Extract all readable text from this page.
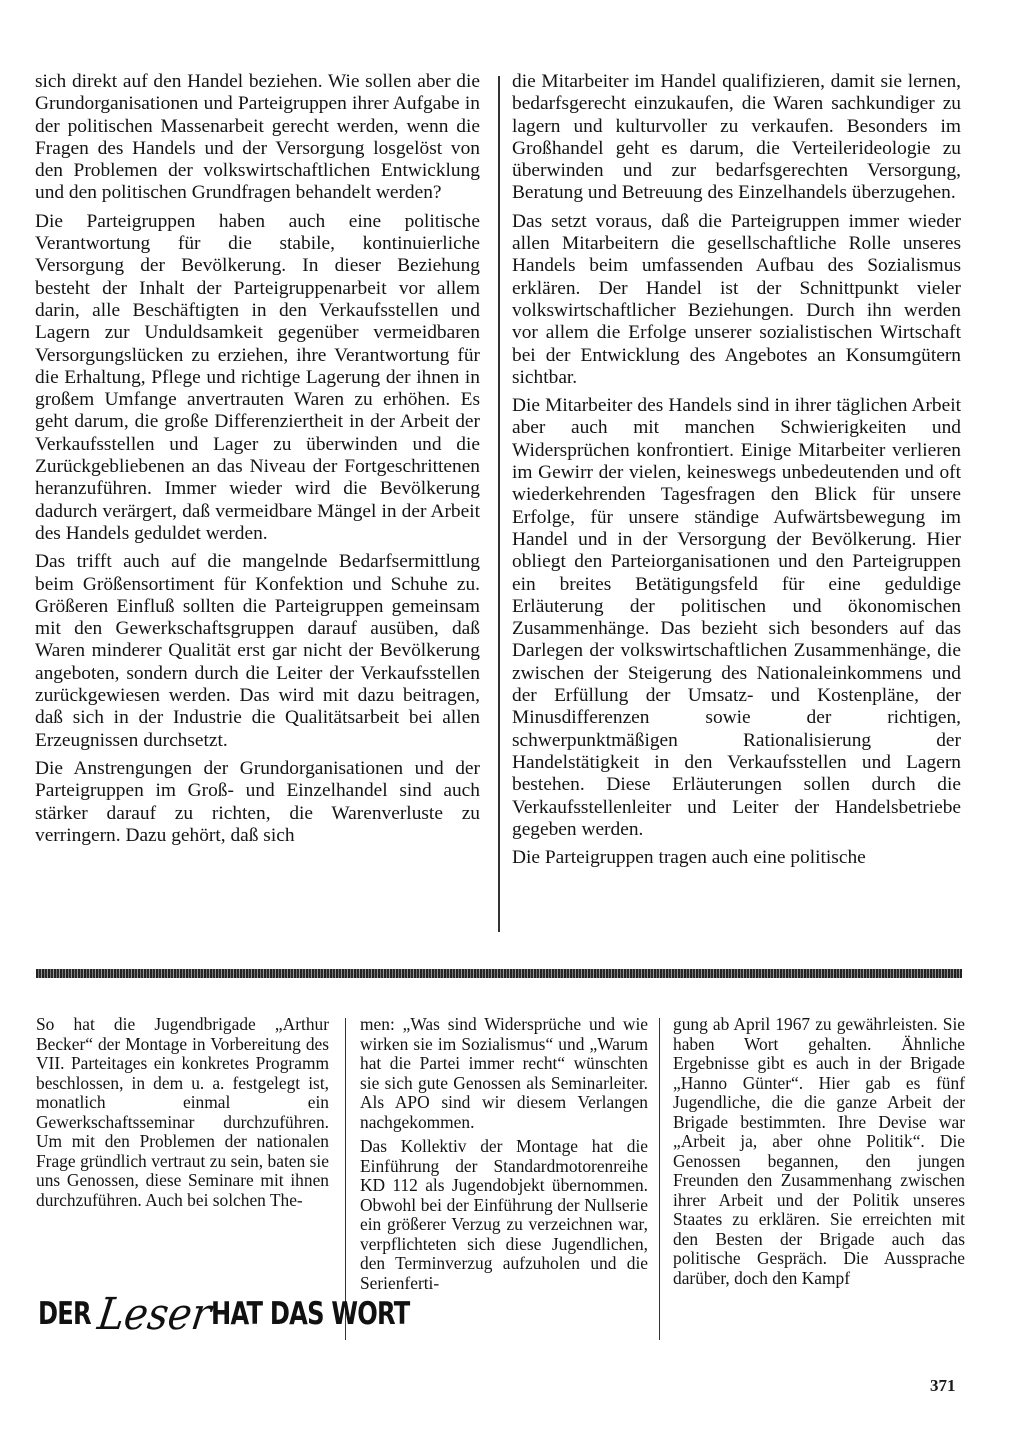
sich direkt auf den Handel beziehen. Wie sollen aber die Grundorganisationen und Parteigruppen ihrer Aufgabe in der politischen Massenarbeit gerecht werden, wenn die Fragen des Handels und der Versorgung losgelöst von den Problemen der volkswirtschaftlichen Entwicklung und den politischen Grundfragen behandelt werden?

Die Parteigruppen haben auch eine politische Verantwortung für die stabile, kontinuierliche Versorgung der Bevölkerung. In dieser Beziehung besteht der Inhalt der Parteigruppenarbeit vor allem darin, alle Beschäftigten in den Verkaufsstellen und Lagern zur Unduldsamkeit gegenüber vermeidbaren Versorgungslücken zu erziehen, ihre Verantwortung für die Erhaltung, Pflege und richtige Lagerung der ihnen in großem Umfange anvertrauten Waren zu erhöhen. Es geht darum, die große Differenziertheit in der Arbeit der Verkaufsstellen und Lager zu überwinden und die Zurückgebliebenen an das Niveau der Fortgeschrittenen heranzuführen. Immer wieder wird die Bevölkerung dadurch verärgert, daß vermeidbare Mängel in der Arbeit des Handels geduldet werden.

Das trifft auch auf die mangelnde Bedarfsermittlung beim Größensortiment für Konfektion und Schuhe zu. Größeren Einfluß sollten die Parteigruppen gemeinsam mit den Gewerkschaftsgruppen darauf ausüben, daß Waren minderer Qualität erst gar nicht der Bevölkerung angeboten, sondern durch die Leiter der Verkaufsstellen zurückgewiesen werden. Das wird mit dazu beitragen, daß sich in der Industrie die Qualitätsarbeit bei allen Erzeugnissen durchsetzt.

Die Anstrengungen der Grundorganisationen und der Parteigruppen im Groß- und Einzelhandel sind auch stärker darauf zu richten, die Warenverluste zu verringern. Dazu gehört, daß sich

die Mitarbeiter im Handel qualifizieren, damit sie lernen, bedarfsgerecht einzukaufen, die Waren sachkundiger zu lagern und kulturvoller zu verkaufen. Besonders im Großhandel geht es darum, die Verteilerideologie zu überwinden und zur bedarfsgerechten Versorgung, Beratung und Betreuung des Einzelhandels überzugehen.

Das setzt voraus, daß die Parteigruppen immer wieder allen Mitarbeitern die gesellschaftliche Rolle unseres Handels beim umfassenden Aufbau des Sozialismus erklären. Der Handel ist der Schnittpunkt vieler volkswirtschaftlicher Beziehungen. Durch ihn werden vor allem die Erfolge unserer sozialistischen Wirtschaft bei der Entwicklung des Angebotes an Konsumgütern sichtbar.

Die Mitarbeiter des Handels sind in ihrer täglichen Arbeit aber auch mit manchen Schwierigkeiten und Widersprüchen konfrontiert. Einige Mitarbeiter verlieren im Gewirr der vielen, keineswegs unbedeutenden und oft wiederkehrenden Tagesfragen den Blick für unsere Erfolge, für unsere ständige Aufwärtsbewegung im Handel und in der Versorgung der Bevölkerung. Hier obliegt den Parteiorganisationen und den Parteigruppen ein breites Betätigungsfeld für eine geduldige Erläuterung der politischen und ökonomischen Zusammenhänge. Das bezieht sich besonders auf das Darlegen der volkswirtschaftlichen Zusammenhänge, die zwischen der Steigerung des Nationaleinkommens und der Erfüllung der Umsatz- und Kostenpläne, der Minusdifferenzen sowie der richtigen, schwerpunktmäßigen Rationalisierung der Handelstätigkeit in den Verkaufsstellen und Lagern bestehen. Diese Erläuterungen sollen durch die Verkaufsstellenleiter und Leiter der Handelsbetriebe gegeben werden.

Die Parteigruppen tragen auch eine politische

So hat die Jugendbrigade „Arthur Becker“ der Montage in Vorbereitung des VII. Parteitages ein konkretes Programm beschlossen, in dem u. a. festgelegt ist, monatlich einmal ein Gewerkschaftsseminar durchzuführen. Um mit den Problemen der nationalen Frage gründlich vertraut zu sein, baten sie uns Genossen, diese Seminare mit ihnen durchzuführen. Auch bei solchen The-

men: „Was sind Widersprüche und wie wirken sie im Sozialismus“ und „Warum hat die Partei immer recht“ wünschten sie sich gute Genossen als Seminarleiter. Als APO sind wir diesem Verlangen nachgekommen.

Das Kollektiv der Montage hat die Einführung der Standardmotorenreihe KD 112 als Jugendobjekt übernommen. Obwohl bei der Einführung der Nullserie ein größerer Verzug zu verzeichnen war, verpflichteten sich diese Jugendlichen, den Terminverzug aufzuholen und die Serienferti-

gung ab April 1967 zu gewährleisten. Sie haben Wort gehalten. Ähnliche Ergebnisse gibt es auch in der Brigade „Hanno Günter“. Hier gab es fünf Jugendliche, die die ganze Arbeit der Brigade bestimmten. Ihre Devise war „Arbeit ja, aber ohne Politik“. Die Genossen begannen, den jungen Freunden den Zusammenhang zwischen ihrer Arbeit und der Politik unseres Staates zu erklären. Sie erreichten mit den Besten der Brigade auch das politische Gespräch. Die Aussprache darüber, doch den Kampf

DER Leser
HAT DAS WORT
371
